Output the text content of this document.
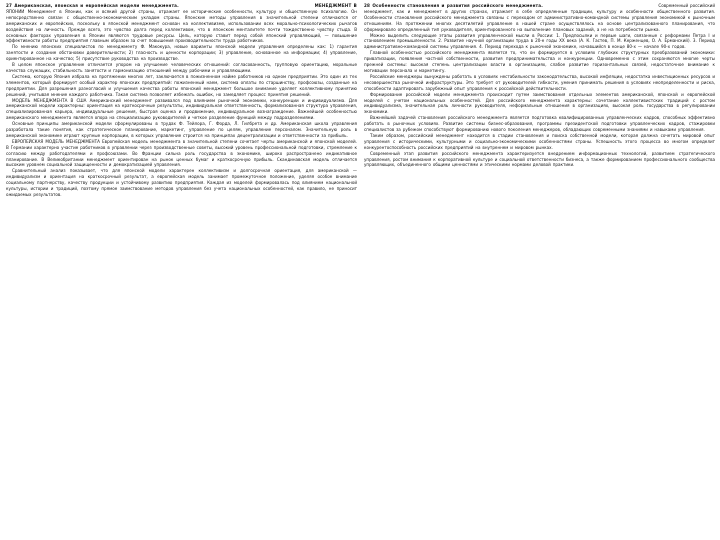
27 Американская, японская и европейская модели менеджмента.	МЕНЕДЖМЕНТ В

ЯПОНИИ Менеджмент в Японии, как и всякий другой страны, отражает ее исторические особенности, культуру и общественную психологию. Он непосредственно связан с общественно-экономическим укладом страны. Японские методы управления в значительной степени отличаются от американских и европейских, поскольку в японской менеджмент основан на коллективизме, использовании всех морально-психологических рычагов воздействия на личность. Прежде всего, это чувство долга перед коллективом, что в японском менталитете почти тождественно чувству стыда. В основных факторах управления в Японии являются трудовые ресурсы. Цель, которую ставит перед собой японский управляющий, — повышение эффективности работы предприятия главным образом за счет повышения производительности труда работников.

По мнению японских специалистов по менеджменту Ф. Макокура, новые варианты японской модели управления определены как: 1) гарантия занятости и создание обстановки доверительности; 2) гласность и ценности корпорации; 3) управление, основанное на информации; 4) управление, ориентированное на качество; 5) присутствие руководства на производстве.

В целом японское управление отличается упором на улучшение человеческих отношений: согласованность, групповую ориентацию, моральные качества служащих, стабильность занятости и гармонизацию отношений между рабочими и управляющими.

Система, которую Япония избрала на протяжении многих лет, заключается в пожизненном найме работников на одном предприятии. Это один из тех элементов, который формирует особый характер японских предприятий: пожизненный наем, система оплаты по старшинству, профсоюзы, созданные на предприятии. Для разрешения разногласий и улучшения качества работы японский менеджмент большое внимание уделяет коллективному принятию решений, учитывая мнение каждого работника. Такая система позволяет избежать ошибок, но замедляет процесс принятия решений.

МОДЕЛЬ МЕНЕДЖМЕНТА В США Американский менеджмент развивался под влиянием рыночной экономики, конкуренции и индивидуализма. Для американской модели характерны: ориентация на краткосрочные результаты, индивидуальная ответственность, формализованная структура управления, специализированная карьера, индивидуальные решения, быстрая оценка и продвижение, индивидуальное вознаграждение. Важнейшей особенностью американского менеджмента является опора на специализацию руководителей и четкое разделение функций между подразделениями.

Основные принципы американской модели сформулированы в трудах Ф. Тейлора, Г. Форда, Л. Гилбрета и др. Американская школа управления разработала такие понятия, как стратегическое планирование, маркетинг, управление по целям, управление персоналом. Значительную роль в американской экономике играют крупные корпорации, в которых управление строится на принципах децентрализации и ответственности за прибыль.

ЕВРОПЕЙСКАЯ МОДЕЛЬ МЕНЕДЖМЕНТА Европейская модель менеджмента в значительной степени сочетает черты американской и японской моделей. В Германии характерно участие работников в управлении через производственные советы, высокий уровень профессиональной подготовки, стремление к согласию между работодателями и профсоюзами. Во Франции сильна роль государства в экономике, широко распространено индикативное планирование. В Великобритании менеджмент ориентирован на рынок ценных бумаг и краткосрочную прибыль. Скандинавская модель отличается высоким уровнем социальной защищенности и демократизацией управления.

Сравнительный анализ показывает, что для японской модели характерен коллективизм и долгосрочная ориентация, для американской — индивидуализм и ориентация на краткосрочный результат, а европейская модель занимает промежуточное положение, уделяя особое внимание социальному партнерству, качеству продукции и устойчивому развитию предприятия. Каждая из моделей формировалась под влиянием национальной культуры, истории и традиций, поэтому прямое заимствование методов управления без учета национальных особенностей, как правило, не приносит ожидаемых результатов.

28 Особенности становления и развития российского менеджмента.	Современный российский

менеджмент, как и менеджмент в других странах, отражает в себе определенные традиции, культуру и особенности общественного развития. Особенности становления российского менеджмента связаны с переходом от административно-командной системы управления экономикой к рыночным отношениям. На протяжении многих десятилетий управление в нашей стране осуществлялось на основе централизованного планирования, что сформировало определенный тип руководителя, ориентированного на выполнение плановых заданий, а не на потребности рынка.

Можно выделить следующие этапы развития управленческой мысли в России: 1. Предпосылки и первые шаги, связанные с реформами Петра I и становлением промышленности. 2. Развитие научной организации труда в 20-е годы XX века (А. К. Гастев, П. М. Керженцев, О. А. Ерманский). 3. Период административно-командной системы управления. 4. Период перехода к рыночной экономике, начавшийся в конце 80-х — начале 90-х годов.

Главной особенностью российского менеджмента является то, что он формируется в условиях глубоких структурных преобразований экономики: приватизации, появления частной собственности, развития предпринимательства и конкуренции. Одновременно с этим сохраняются многие черты прежней системы: высокая степень централизации власти в организациях, слабое развитие горизонтальных связей, недостаточное внимание к мотивации персонала и маркетингу.

Российские менеджеры вынуждены работать в условиях нестабильности законодательства, высокой инфляции, недостатка инвестиционных ресурсов и несовершенства рыночной инфраструктуры. Это требует от руководителей гибкости, умения принимать решения в условиях неопределенности и риска, способности адаптировать зарубежный опыт управления к российской действительности.

Формирование российской модели менеджмента происходит путем заимствования отдельных элементов американской, японской и европейской моделей с учетом национальных особенностей. Для российского менеджмента характерны: сочетание коллективистских традиций с ростом индивидуализма, значительная роль личности руководителя, неформальные отношения в организациях, высокая роль государства в регулировании экономики.

Важнейшей задачей становления российского менеджмента является подготовка квалифицированных управленческих кадров, способных эффективно работать в рыночных условиях. Развитие системы бизнес-образования, программы президентской подготовки управленческих кадров, стажировки специалистов за рубежом способствуют формированию нового поколения менеджеров, обладающих современными знаниями и навыками управления.

Таким образом, российский менеджмент находится в стадии становления и поиска собственной модели, которая должна сочетать мировой опыт управления с историческими, культурными и социально-экономическими особенностями страны. Успешность этого процесса во многом определит конкурентоспособность российских предприятий на внутреннем и мировом рынках.

Современный этап развития российского менеджмента характеризуется внедрением информационных технологий, развитием стратегического управления, ростом внимания к корпоративной культуре и социальной ответственности бизнеса, а также формированием профессионального сообщества управляющих, объединенного общими ценностями и этическими нормами деловой практики.
